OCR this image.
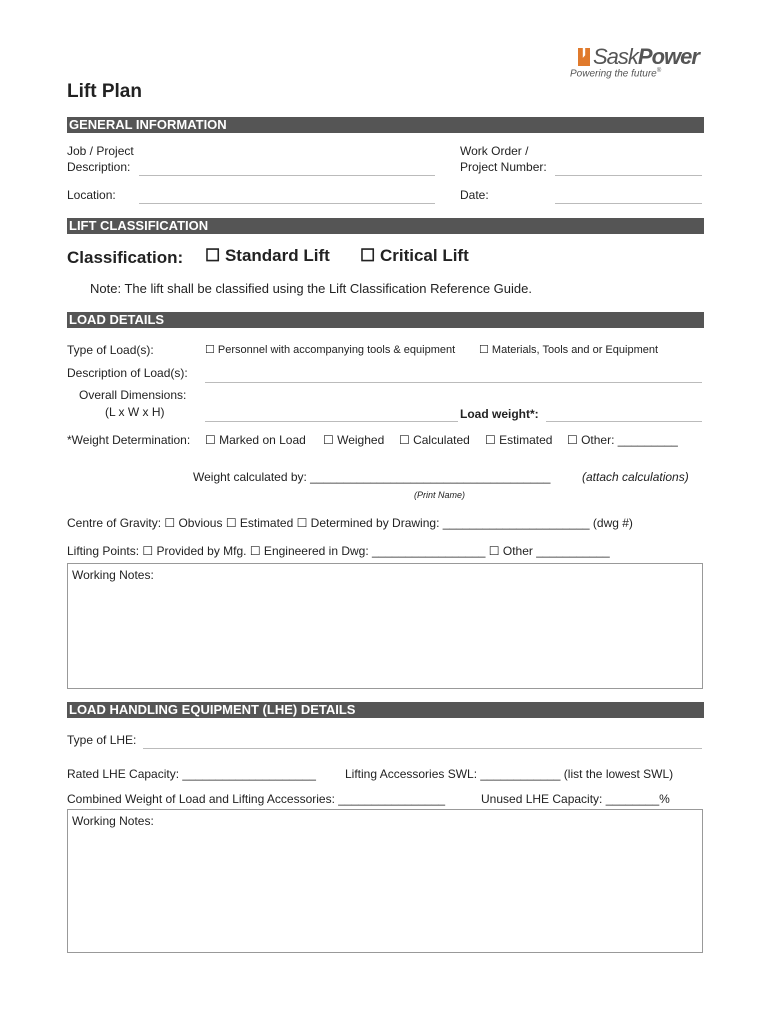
SaskPower
Powering the future®
Lift Plan
GENERAL INFORMATION
Job / Project
Description:
Work Order /
Project Number:
Location:	Date:
LIFT CLASSIFICATION
Classification: ☐ Standard Lift ☐ Critical Lift
Note: The lift shall be classified using the Lift Classification Reference Guide.
LOAD DETAILS
Type of Load(s):	☐ Personnel with accompanying tools & equipment ☐ Materials, Tools and or Equipment
Description of Load(s):
Overall Dimensions:
(L x W x H)	Load weight*:
*Weight Determination: ☐ Marked on Load ☐ Weighed ☐ Calculated ☐ Estimated ☐ Other: _________
Weight calculated by: ____________________________________	(attach calculations)
(Print Name)
Centre of Gravity: ☐ Obvious ☐ Estimated ☐ Determined by Drawing: ______________________ (dwg #)
Lifting Points: ☐ Provided by Mfg. ☐ Engineered in Dwg: _________________ ☐ Other ___________
Working Notes:
LOAD HANDLING EQUIPMENT (LHE) DETAILS
Type of LHE:
Rated LHE Capacity: ____________________ Lifting Accessories SWL: ____________ (list the lowest SWL)
Combined Weight of Load and Lifting Accessories: ________________	Unused LHE Capacity: ________%
Working Notes:
